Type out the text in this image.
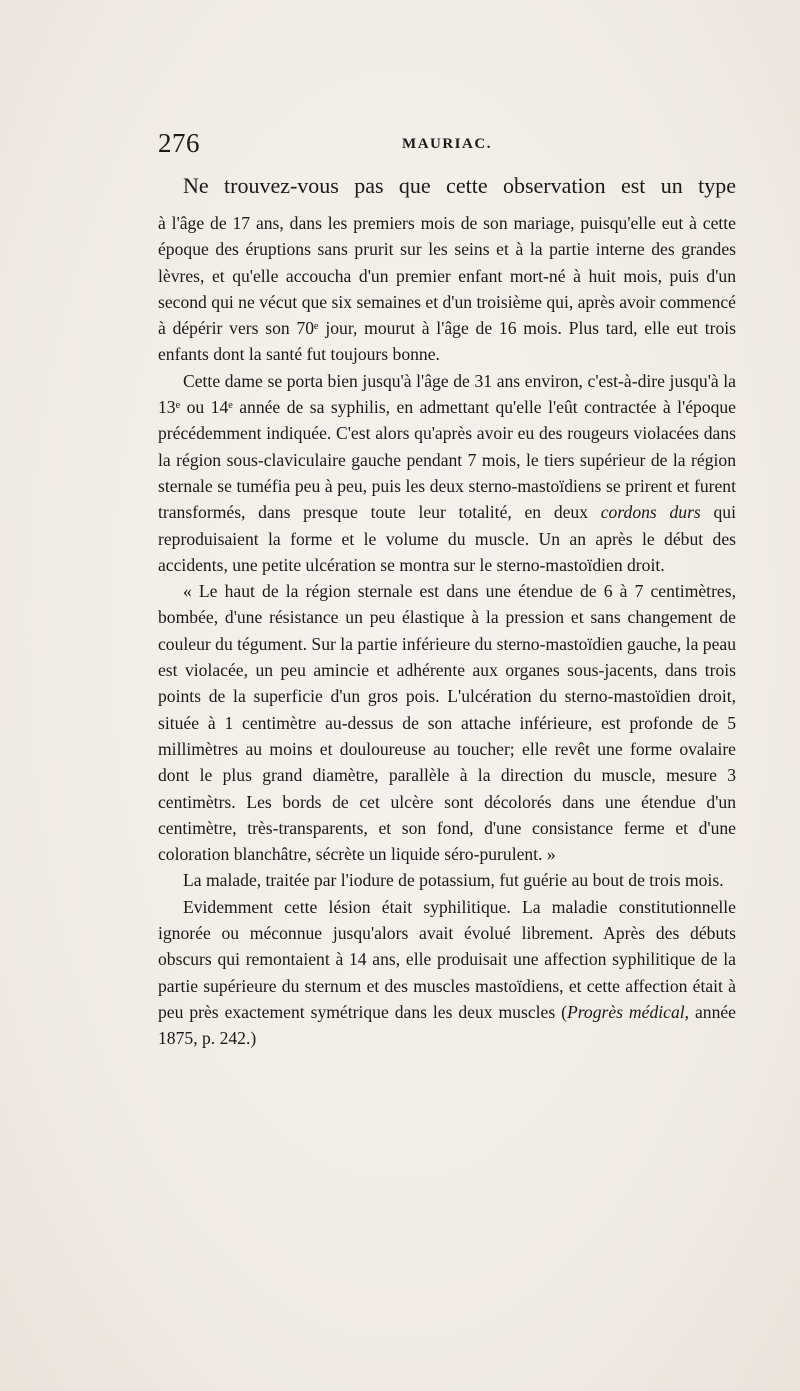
276	MAURIAC.

Ne trouvez-vous pas que cette observation est un type

à l'âge de 17 ans, dans les premiers mois de son mariage, puisqu'elle eut à cette époque des éruptions sans prurit sur les seins et à la partie interne des grandes lèvres, et qu'elle accoucha d'un premier enfant mort-né à huit mois, puis d'un second qui ne vécut que six semaines et d'un troisième qui, après avoir commencé à dépérir vers son 70ᵉ jour, mourut à l'âge de 16 mois. Plus tard, elle eut trois enfants dont la santé fut toujours bonne.

Cette dame se porta bien jusqu'à l'âge de 31 ans environ, c'est-à-dire jusqu'à la 13ᵉ ou 14ᵉ année de sa syphilis, en admettant qu'elle l'eût contractée à l'époque précédemment indiquée. C'est alors qu'après avoir eu des rougeurs violacées dans la région sous-claviculaire gauche pendant 7 mois, le tiers supérieur de la région sternale se tuméfia peu à peu, puis les deux sterno-mastoïdiens se prirent et furent transformés, dans presque toute leur totalité, en deux cordons durs qui reproduisaient la forme et le volume du muscle. Un an après le début des accidents, une petite ulcération se montra sur le sterno-mastoïdien droit.

« Le haut de la région sternale est dans une étendue de 6 à 7 centimètres, bombée, d'une résistance un peu élastique à la pression et sans changement de couleur du tégument. Sur la partie inférieure du sterno-mastoïdien gauche, la peau est violacée, un peu amincie et adhérente aux organes sous-jacents, dans trois points de la superficie d'un gros pois. L'ulcération du sterno-mastoïdien droit, située à 1 centimètre au-dessus de son attache inférieure, est profonde de 5 millimètres au moins et douloureuse au toucher; elle revêt une forme ovalaire dont le plus grand diamètre, parallèle à la direction du muscle, mesure 3 centimètrs. Les bords de cet ulcère sont décolorés dans une étendue d'un centimètre, très-transparents, et son fond, d'une consistance ferme et d'une coloration blanchâtre, sécrète un liquide séro-purulent. »

La malade, traitée par l'iodure de potassium, fut guérie au bout de trois mois.

Evidemment cette lésion était syphilitique. La maladie constitutionnelle ignorée ou méconnue jusqu'alors avait évolué librement. Après des débuts obscurs qui remontaient à 14 ans, elle produisait une affection syphilitique de la partie supérieure du sternum et des muscles mastoïdiens, et cette affection était à peu près exactement symétrique dans les deux muscles (Progrès médical, année 1875, p. 242.)
